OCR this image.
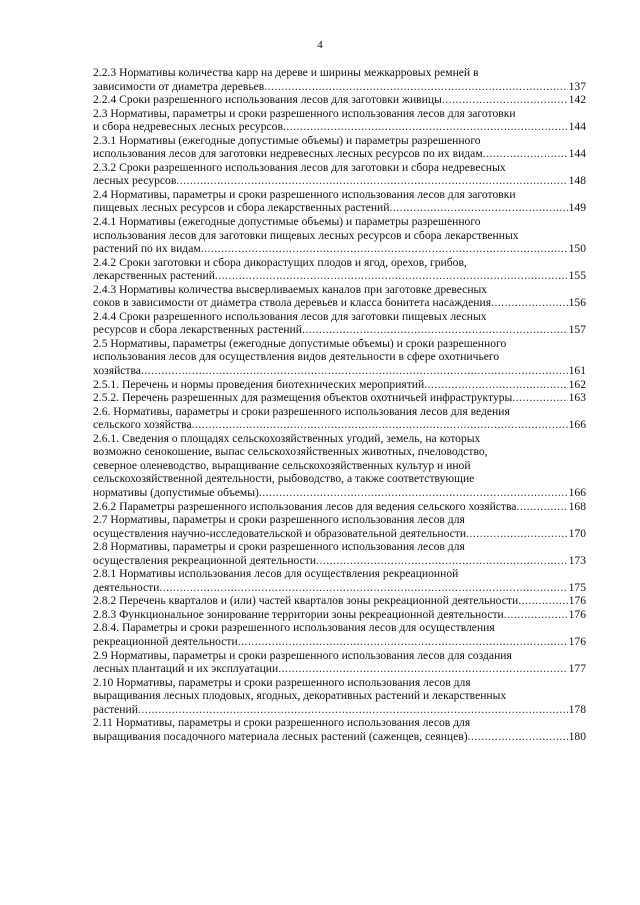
4
2.2.3 Нормативы количества карр на дереве и ширины межкарровых ремней в
зависимости от диаметра деревьев .....	137
2.2.4 Сроки разрешенного использования лесов для заготовки живицы .....	142
2.3 Нормативы, параметры и сроки разрешенного использования лесов для заготовки
и сбора недревесных лесных ресурсов .....	144
2.3.1 Нормативы (ежегодные допустимые объемы) и параметры разрешенного
использования лесов для заготовки недревесных лесных ресурсов по их видам .....	144
2.3.2 Сроки разрешенного использования лесов для заготовки и сбора недревесных
лесных ресурсов .....	148
2.4 Нормативы, параметры и сроки разрешенного использования лесов для заготовки
пищевых лесных ресурсов и сбора лекарственных растений .....	149
2.4.1 Нормативы (ежегодные допустимые объемы) и параметры разрешенного
использования лесов для заготовки пищевых лесных ресурсов и сбора лекарственных
растений по их видам .....	150
2.4.2 Сроки заготовки и сбора дикорастущих плодов и ягод, орехов, грибов,
лекарственных растений .....	155
2.4.3 Нормативы количества высверливаемых каналов при заготовке древесных
соков в зависимости от диаметра ствола деревьев и класса бонитета насаждения .....	156
2.4.4 Сроки разрешенного использования лесов для заготовки пищевых лесных
ресурсов и сбора лекарственных растений .....	157
2.5 Нормативы, параметры (ежегодные допустимые объемы) и сроки разрешенного
использования лесов для осуществления видов деятельности в сфере охотничьего
хозяйства .....	161
2.5.1. Перечень и нормы проведения биотехнических мероприятий .....	162
2.5.2. Перечень разрешенных для размещения объектов охотничьей инфраструктуры .....	163
2.6. Нормативы, параметры и сроки разрешенного использования лесов для ведения
сельского хозяйства .....	166
2.6.1. Сведения о площадях сельскохозяйственных угодий, земель, на которых
возможно сенокошение, выпас сельскохозяйственных животных, пчеловодство,
северное оленеводство, выращивание сельскохозяйственных культур и иной
сельскохозяйственной деятельности, рыбоводство, а также соответствующие
нормативы (допустимые объемы) .....	166
2.6.2 Параметры разрешенного использования лесов для ведения сельского хозяйства .....	168
2.7 Нормативы, параметры и сроки разрешенного использования лесов для
осуществления научно-исследовательской и образовательной деятельности .....	170
2.8 Нормативы, параметры и сроки разрешенного использования лесов для
осуществления рекреационной деятельности .....	173
2.8.1 Нормативы использования лесов для осуществления рекреационной
деятельности .....	175
2.8.2 Перечень кварталов и (или) частей кварталов зоны рекреационной деятельности .....	176
2.8.3 Функциональное зонирование территории зоны рекреационной деятельности .....	176
2.8.4. Параметры и сроки разрешенного использования лесов для осуществления
рекреационной деятельности .....	176
2.9 Нормативы, параметры и сроки разрешенного использования лесов для создания
лесных плантаций и их эксплуатации .....	177
2.10 Нормативы, параметры и сроки разрешенного использования лесов для
выращивания лесных плодовых, ягодных, декоративных растений и лекарственных
растений .....	178
2.11 Нормативы, параметры и сроки разрешенного использования лесов для
выращивания посадочного материала лесных растений (саженцев, сеянцев) .....	180
